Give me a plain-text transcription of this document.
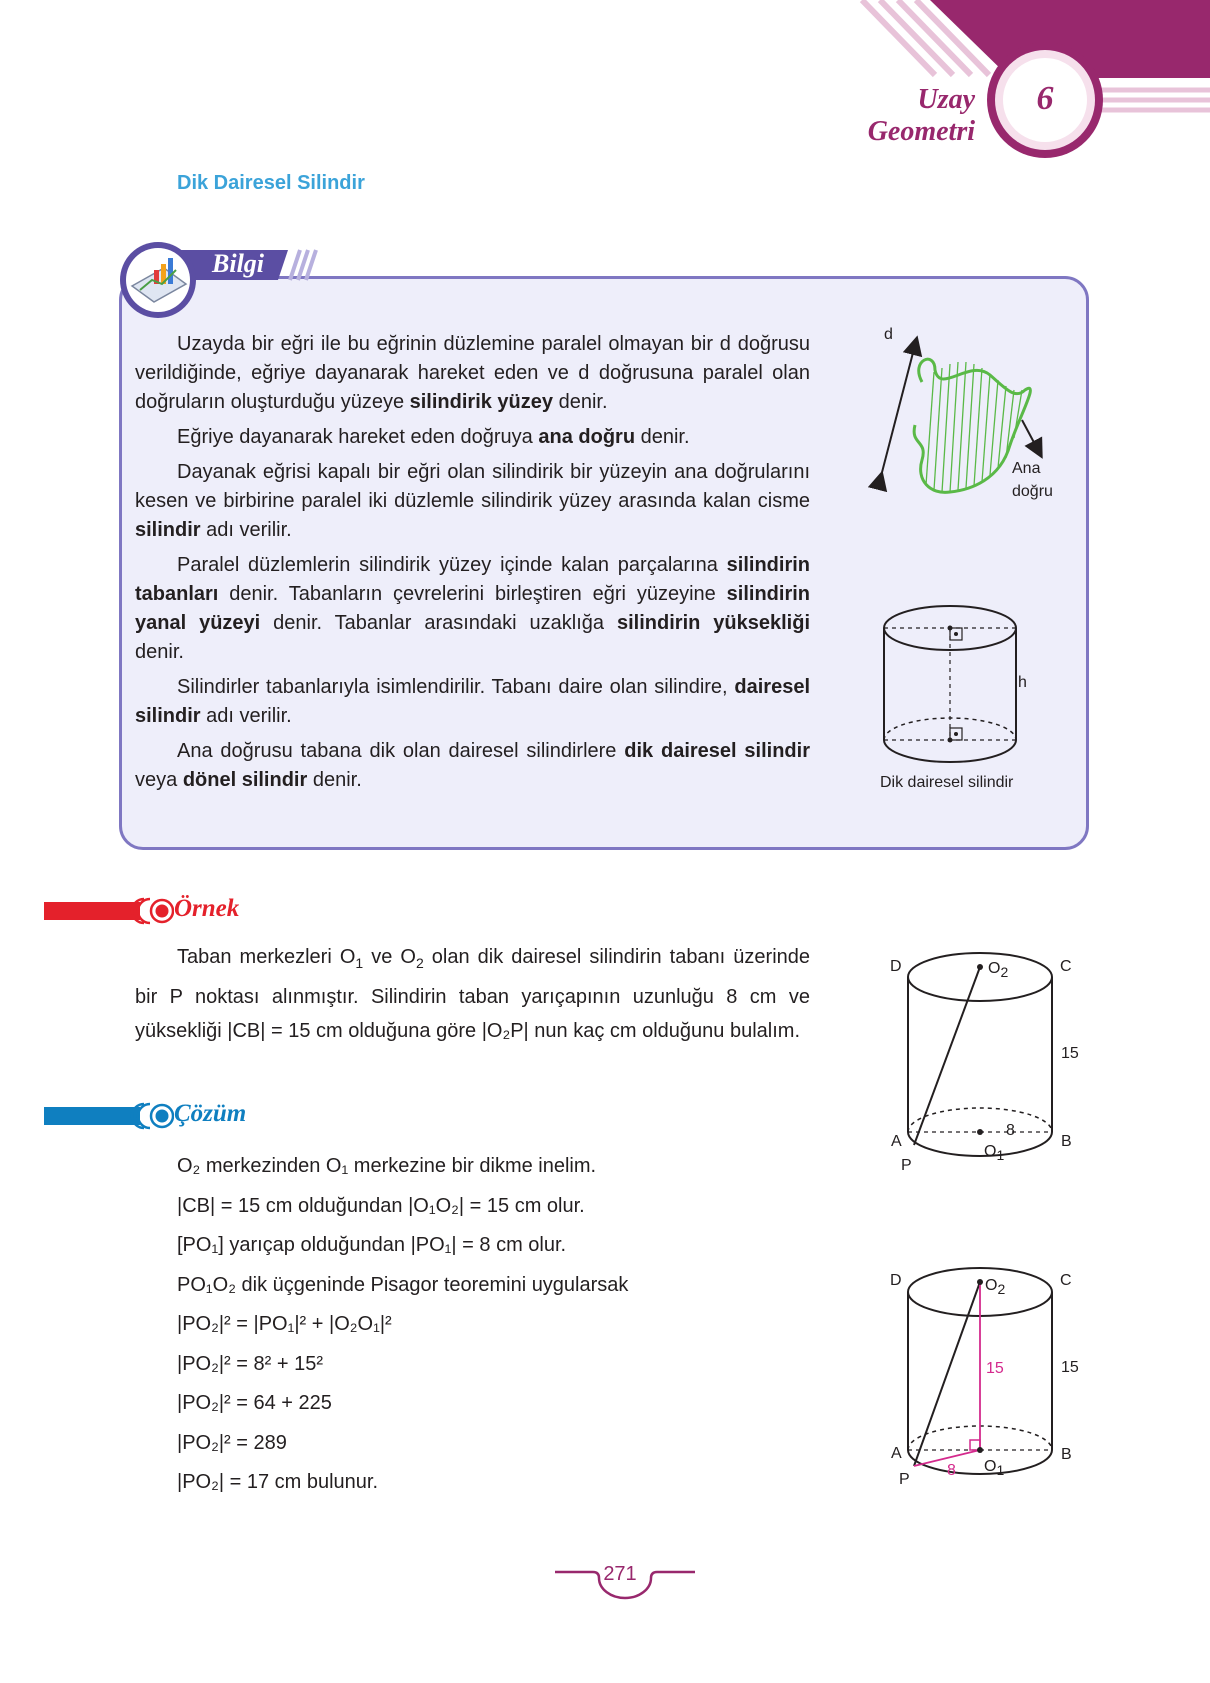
Uzay Geometri
6
Dik Dairesel Silindir
Bilgi

Uzayda bir eğri ile bu eğrinin düzlemine paralel olmayan bir d doğrusu verildiğinde, eğriye dayanarak hareket eden ve d doğrusuna paralel olan doğruların oluşturduğu yüzeye silindirik yüzey denir.

Eğriye dayanarak hareket eden doğruya ana doğru denir.

Dayanak eğrisi kapalı bir eğri olan silindirik bir yüzeyin ana doğrularını kesen ve birbirine paralel iki düzlemle silindirik yüzey arasında kalan cisme silindir adı verilir.

Paralel düzlemlerin silindirik yüzey içinde kalan parçalarına silindirin tabanları denir. Tabanların çevrelerini birleştiren eğri yüzeyine silindirin yanal yüzeyi denir. Tabanlar arasındaki uzaklığa silindirin yüksekliği denir.

Silindirler tabanlarıyla isimlendirilir. Tabanı daire olan silindire, dairesel silindir adı verilir.

Ana doğrusu tabana dik olan dairesel silindirlere dik dairesel silindir veya dönel silindir denir.

d
Ana
doğru
h
Dik dairesel silindir
Örnek

Taban merkezleri $O_1$ ve $O_2$ olan dik dairesel silindirin tabanı üzerinde bir P noktası alınmıştır. Silindirin taban yarıçapının uzunluğu 8 cm ve yüksekliği |CB| = 15 cm olduğuna göre |O₂P| nun kaç cm olduğunu bulalım.

D	C
$O_2$
15
A	B
P
8
$O_1$
Çözüm
O₂ merkezinden O₁ merkezine bir dikme inelim.
|CB| = 15 cm olduğundan |O₁O₂| = 15 cm olur.
[PO₁] yarıçap olduğundan |PO₁| = 8 cm olur.
PO₁O₂ dik üçgeninde Pisagor teoremini uygularsak
|PO₂|² = |PO₁|² + |O₂O₁|²
|PO₂|² = 8² + 15²
|PO₂|² = 64 + 225
|PO₂|² = 289
|PO₂| = 17 cm bulunur.
D	C
$O_2$
15	15
A	B
P
8 $O_1$
271
